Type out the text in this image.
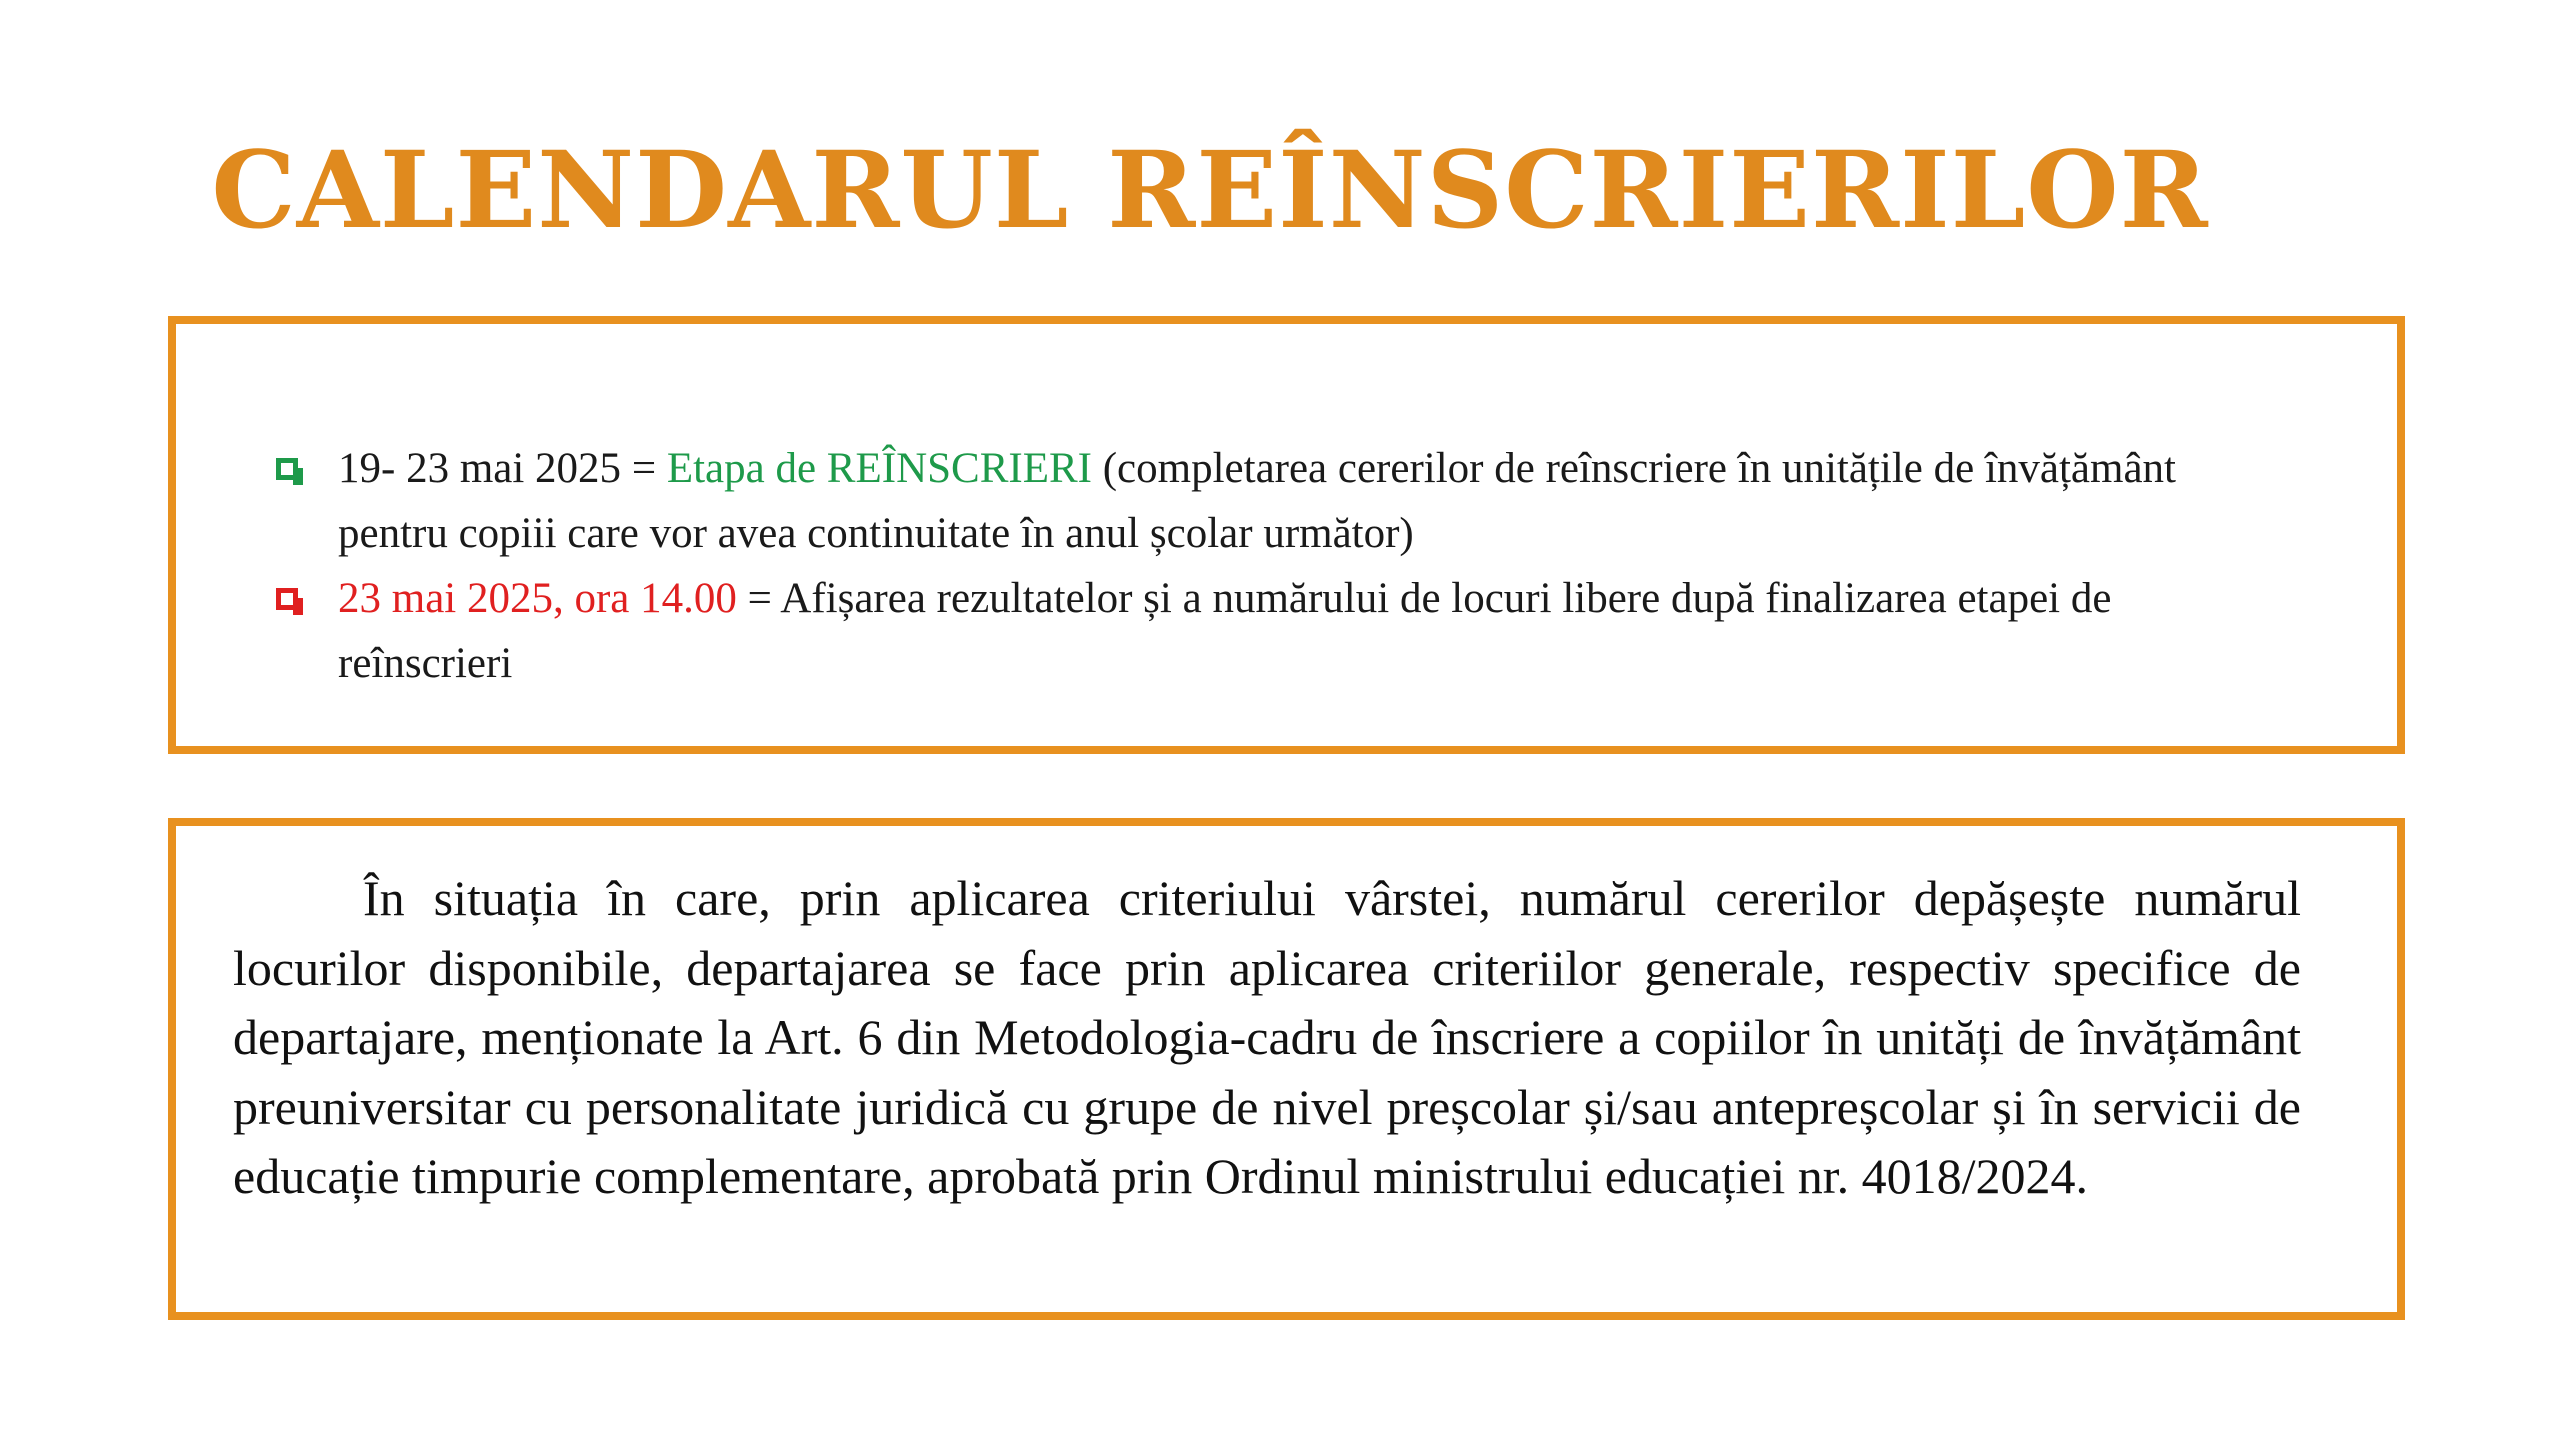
CALENDARUL REÎNSCRIERILOR
19- 23 mai 2025 = Etapa de REÎNSCRIERI (completarea cererilor de reînscriere în unitățile de învățământ pentru copiii care vor avea continuitate în anul școlar următor)
23 mai 2025, ora 14.00 = Afișarea rezultatelor și a numărului de locuri libere după finalizarea etapei de reînscrieri

În situația în care, prin aplicarea criteriului vârstei, numărul cererilor depășește numărul locurilor disponibile, departajarea se face prin aplicarea criteriilor generale, respectiv specifice de departajare, menționate la Art. 6 din Metodologia-cadru de înscriere a copiilor în unități de învățământ preuniversitar cu personalitate juridică cu grupe de nivel preșcolar și/sau antepreșcolar și în servicii de educație timpurie complementare, aprobată prin Ordinul ministrului educației nr. 4018/2024.
